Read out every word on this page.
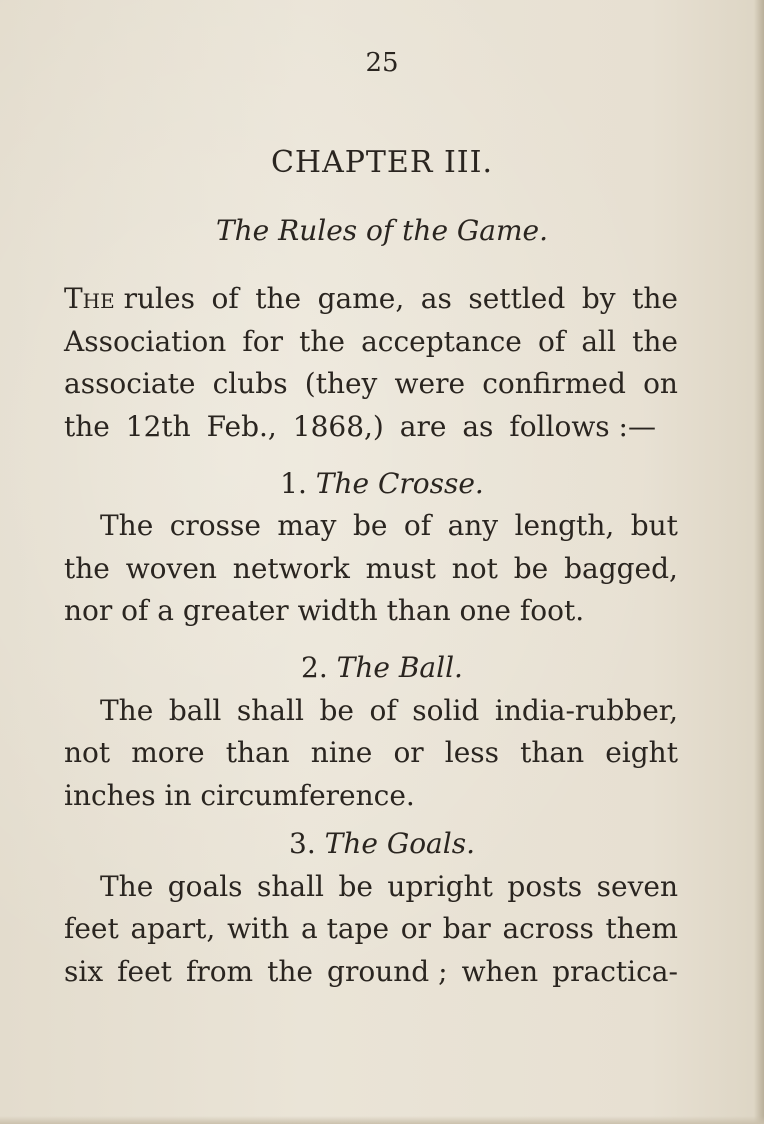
25
CHAPTER III.
The Rules of the Game.
The rules of the game, as settled by the
Association for the acceptance of all the
associate clubs (they were confirmed on
the 12th Feb., 1868,) are as follows :—
1. The Crosse.
The crosse may be of any length, but
the woven network must not be bagged,
nor of a greater width than one foot.
2. The Ball.
The ball shall be of solid india-rubber,
not more than nine or less than eight
inches in circumference.
3. The Goals.
The goals shall be upright posts seven
feet apart, with a tape or bar across them
six feet from the ground ; when practica-
